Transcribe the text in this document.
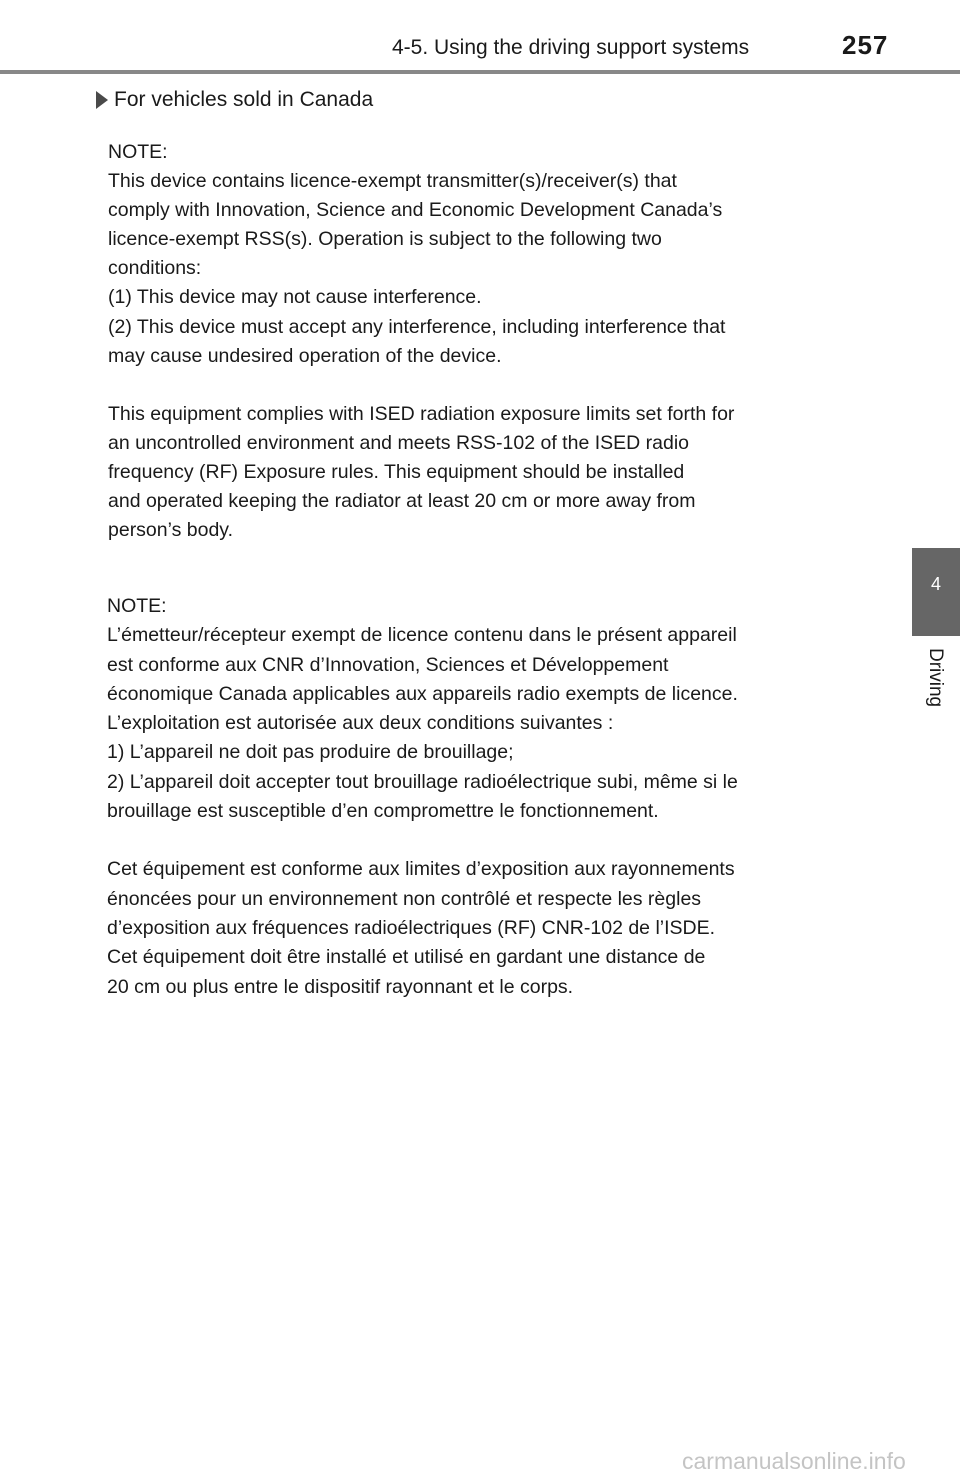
4-5. Using the driving support systems	257
4
Driving
For vehicles sold in Canada
NOTE:
This device contains licence-exempt transmitter(s)/receiver(s) that
comply with Innovation, Science and Economic Development Canada’s
licence-exempt RSS(s). Operation is subject to the following two
conditions:
(1) This device may not cause interference.
(2) This device must accept any interference, including interference that
may cause undesired operation of the device.
This equipment complies with ISED radiation exposure limits set forth for
an uncontrolled environment and meets RSS-102 of the ISED radio
frequency (RF) Exposure rules. This equipment should be installed
and operated keeping the radiator at least 20 cm or more away from
person’s body.
NOTE:
L’émetteur/récepteur exempt de licence contenu dans le présent appareil
est conforme aux CNR d’Innovation, Sciences et Développement
économique Canada applicables aux appareils radio exempts de licence.
L’exploitation est autorisée aux deux conditions suivantes :
1) L’appareil ne doit pas produire de brouillage;
2) L’appareil doit accepter tout brouillage radioélectrique subi, même si le
brouillage est susceptible d’en compromettre le fonctionnement.
Cet équipement est conforme aux limites d’exposition aux rayonnements
énoncées pour un environnement non contrôlé et respecte les règles
d’exposition aux fréquences radioélectriques (RF) CNR-102 de l’ISDE.
Cet équipement doit être installé et utilisé en gardant une distance de
20 cm ou plus entre le dispositif rayonnant et le corps.
carmanualsonline.info
